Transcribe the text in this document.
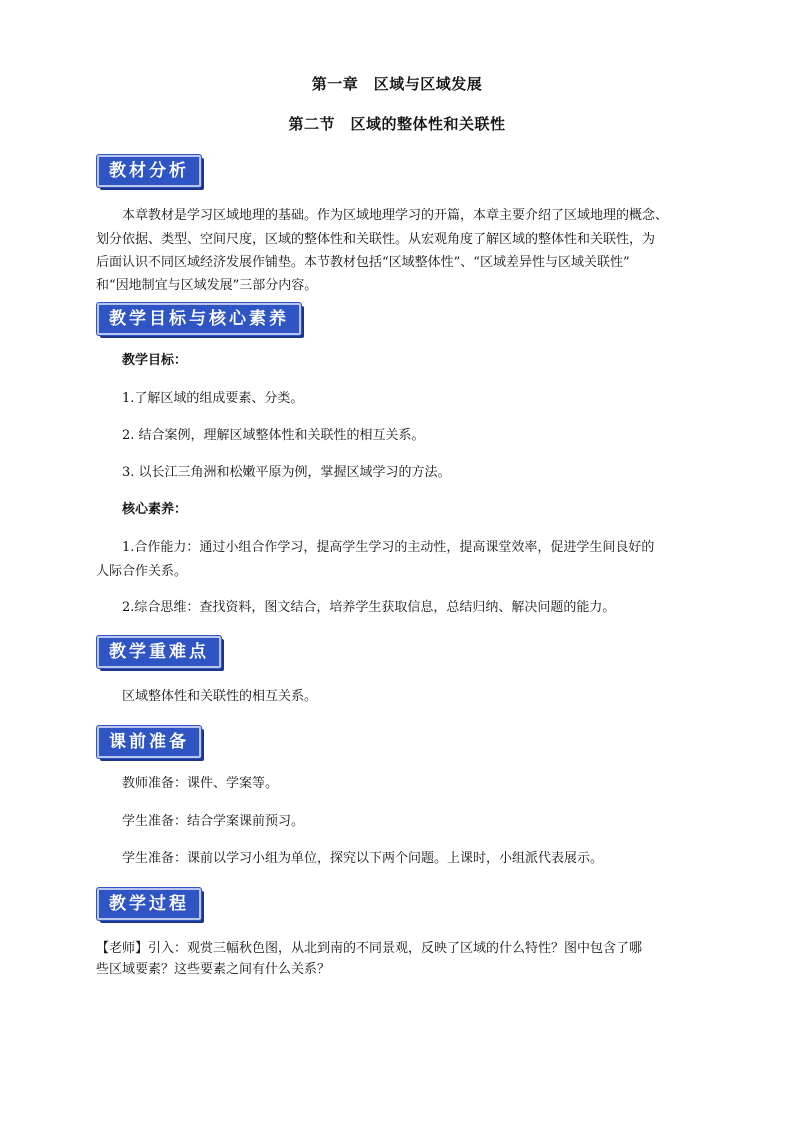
第一章　区域与区域发展
第二节　区域的整体性和关联性
教材分析
本章教材是学习区域地理的基础。作为区域地理学习的开篇，本章主要介绍了区域地理的概念、
划分依据、类型、空间尺度，区域的整体性和关联性。从宏观角度了解区域的整体性和关联性，为
后面认识不同区域经济发展作铺垫。本节教材包括“区域整体性”、“区域差异性与区域关联性”
和“因地制宜与区域发展”三部分内容。
教学目标与核心素养
教学目标：
1.了解区域的组成要素、分类。
2. 结合案例，理解区域整体性和关联性的相互关系。
3. 以长江三角洲和松嫩平原为例，掌握区域学习的方法。
核心素养：
1.合作能力：通过小组合作学习，提高学生学习的主动性，提高课堂效率，促进学生间良好的
人际合作关系。
2.综合思维：查找资料，图文结合，培养学生获取信息，总结归纳、解决问题的能力。
教学重难点
区域整体性和关联性的相互关系。
课前准备
教师准备：课件、学案等。
学生准备：结合学案课前预习。
学生准备：课前以学习小组为单位，探究以下两个问题。上课时，小组派代表展示。
教学过程
【老师】引入：观赏三幅秋色图，从北到南的不同景观，反映了区域的什么特性？图中包含了哪
些区域要素？这些要素之间有什么关系？
